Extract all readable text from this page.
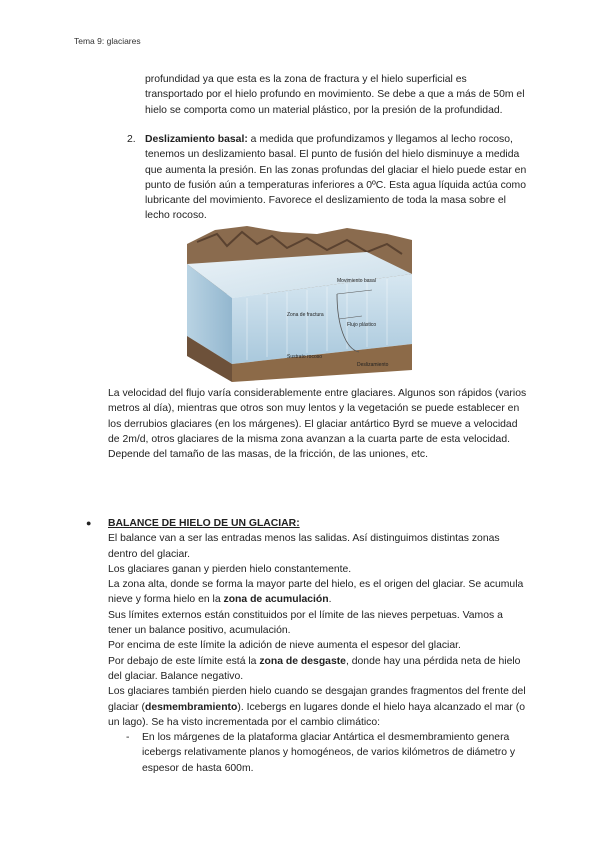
Tema 9: glaciares
profundidad ya que esta es la zona de fractura y el hielo superficial es transportado por el hielo profundo en movimiento. Se debe a que a más de 50m el hielo se comporta como un material plástico, por la presión de la profundidad.
2. Deslizamiento basal: a medida que profundizamos y llegamos al lecho rocoso, tenemos un deslizamiento basal. El punto de fusión del hielo disminuye a medida que aumenta la presión. En las zonas profundas del glaciar el hielo puede estar en punto de fusión aún a temperaturas inferiores a 0ºC. Esta agua líquida actúa como lubricante del movimiento. Favorece el deslizamiento de toda la masa sobre el lecho rocoso.
Movimiento basal
Zona de fractura
Flujo plástico
Sustrato rocoso
Deslizamiento
La velocidad del flujo varía considerablemente entre glaciares. Algunos son rápidos (varios metros al día), mientras que otros son muy lentos y la vegetación se puede establecer en los derrubios glaciares (en los márgenes). El glaciar antártico Byrd se mueve a velocidad de 2m/d, otros glaciares de la misma zona avanzan a la cuarta parte de esta velocidad. Depende del tamaño de las masas, de la fricción, de las uniones, etc.
●	BALANCE DE HIELO DE UN GLACIAR:

El balance van a ser las entradas menos las salidas. Así distinguimos distintas zonas dentro del glaciar.

Los glaciares ganan y pierden hielo constantemente.

La zona alta, donde se forma la mayor parte del hielo, es el origen del glaciar. Se acumula nieve y forma hielo en la zona de acumulación.

Sus límites externos están constituidos por el límite de las nieves perpetuas. Vamos a tener un balance positivo, acumulación.

Por encima de este límite la adición de nieve aumenta el espesor del glaciar.

Por debajo de este límite está la zona de desgaste, donde hay una pérdida neta de hielo del glaciar. Balance negativo.

Los glaciares también pierden hielo cuando se desgajan grandes fragmentos del frente del glaciar (desmembramiento). Icebergs en lugares donde el hielo haya alcanzado el mar (o un lago). Se ha visto incrementada por el cambio climático:

-	En los márgenes de la plataforma glaciar Antártica el desmembramiento genera icebergs relativamente planos y homogéneos, de varios kilómetros de diámetro y espesor de hasta 600m.
